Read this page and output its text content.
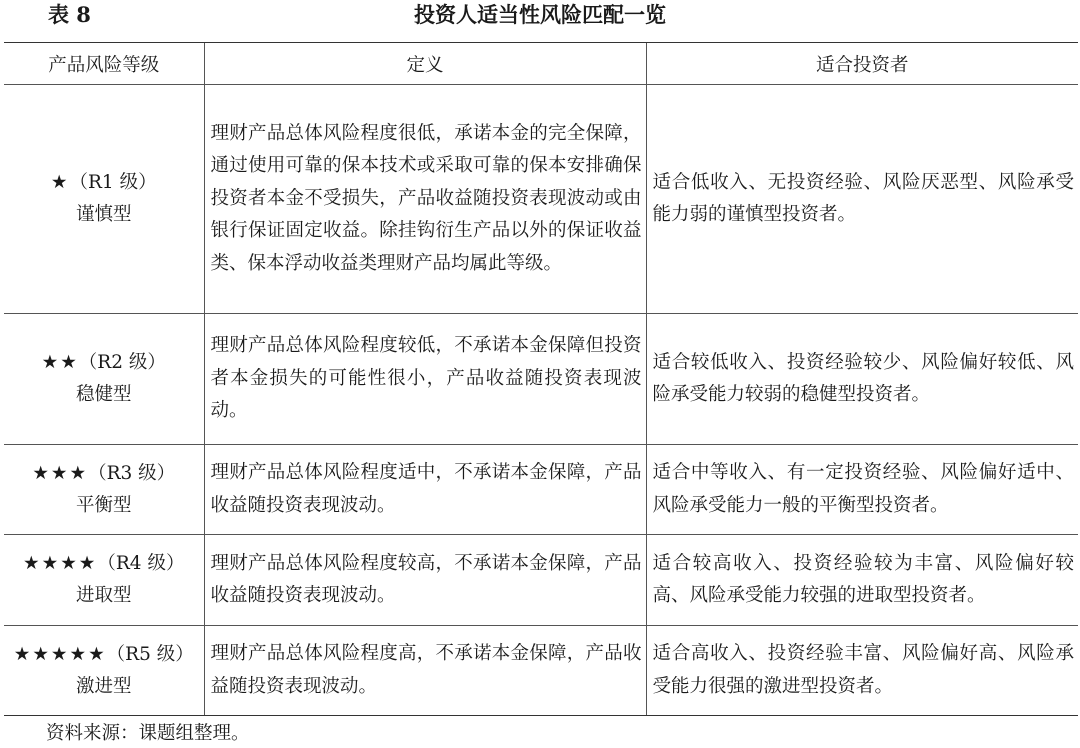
表 8	投资人适当性风险匹配一览
产品风险等级	定义	适合投资者
★（R1 级）
谨慎型	理财产品总体风险程度很低，承诺本金的完全保障，通过使用可靠的保本技术或采取可靠的保本安排确保投资者本金不受损失，产品收益随投资表现波动或由银行保证固定收益。除挂钩衍生产品以外的保证收益类、保本浮动收益类理财产品均属此等级。	适合低收入、无投资经验、风险厌恶型、风险承受能力弱的谨慎型投资者。
★★（R2 级）
稳健型	理财产品总体风险程度较低，不承诺本金保障但投资者本金损失的可能性很小，产品收益随投资表现波动。	适合较低收入、投资经验较少、风险偏好较低、风险承受能力较弱的稳健型投资者。
★★★（R3 级）
平衡型	理财产品总体风险程度适中，不承诺本金保障，产品收益随投资表现波动。	适合中等收入、有一定投资经验、风险偏好适中、风险承受能力一般的平衡型投资者。
★★★★（R4 级）
进取型	理财产品总体风险程度较高，不承诺本金保障，产品收益随投资表现波动。	适合较高收入、投资经验较为丰富、风险偏好较高、风险承受能力较强的进取型投资者。
★★★★★（R5 级）
激进型	理财产品总体风险程度高，不承诺本金保障，产品收益随投资表现波动。	适合高收入、投资经验丰富、风险偏好高、风险承受能力很强的激进型投资者。
资料来源：课题组整理。
